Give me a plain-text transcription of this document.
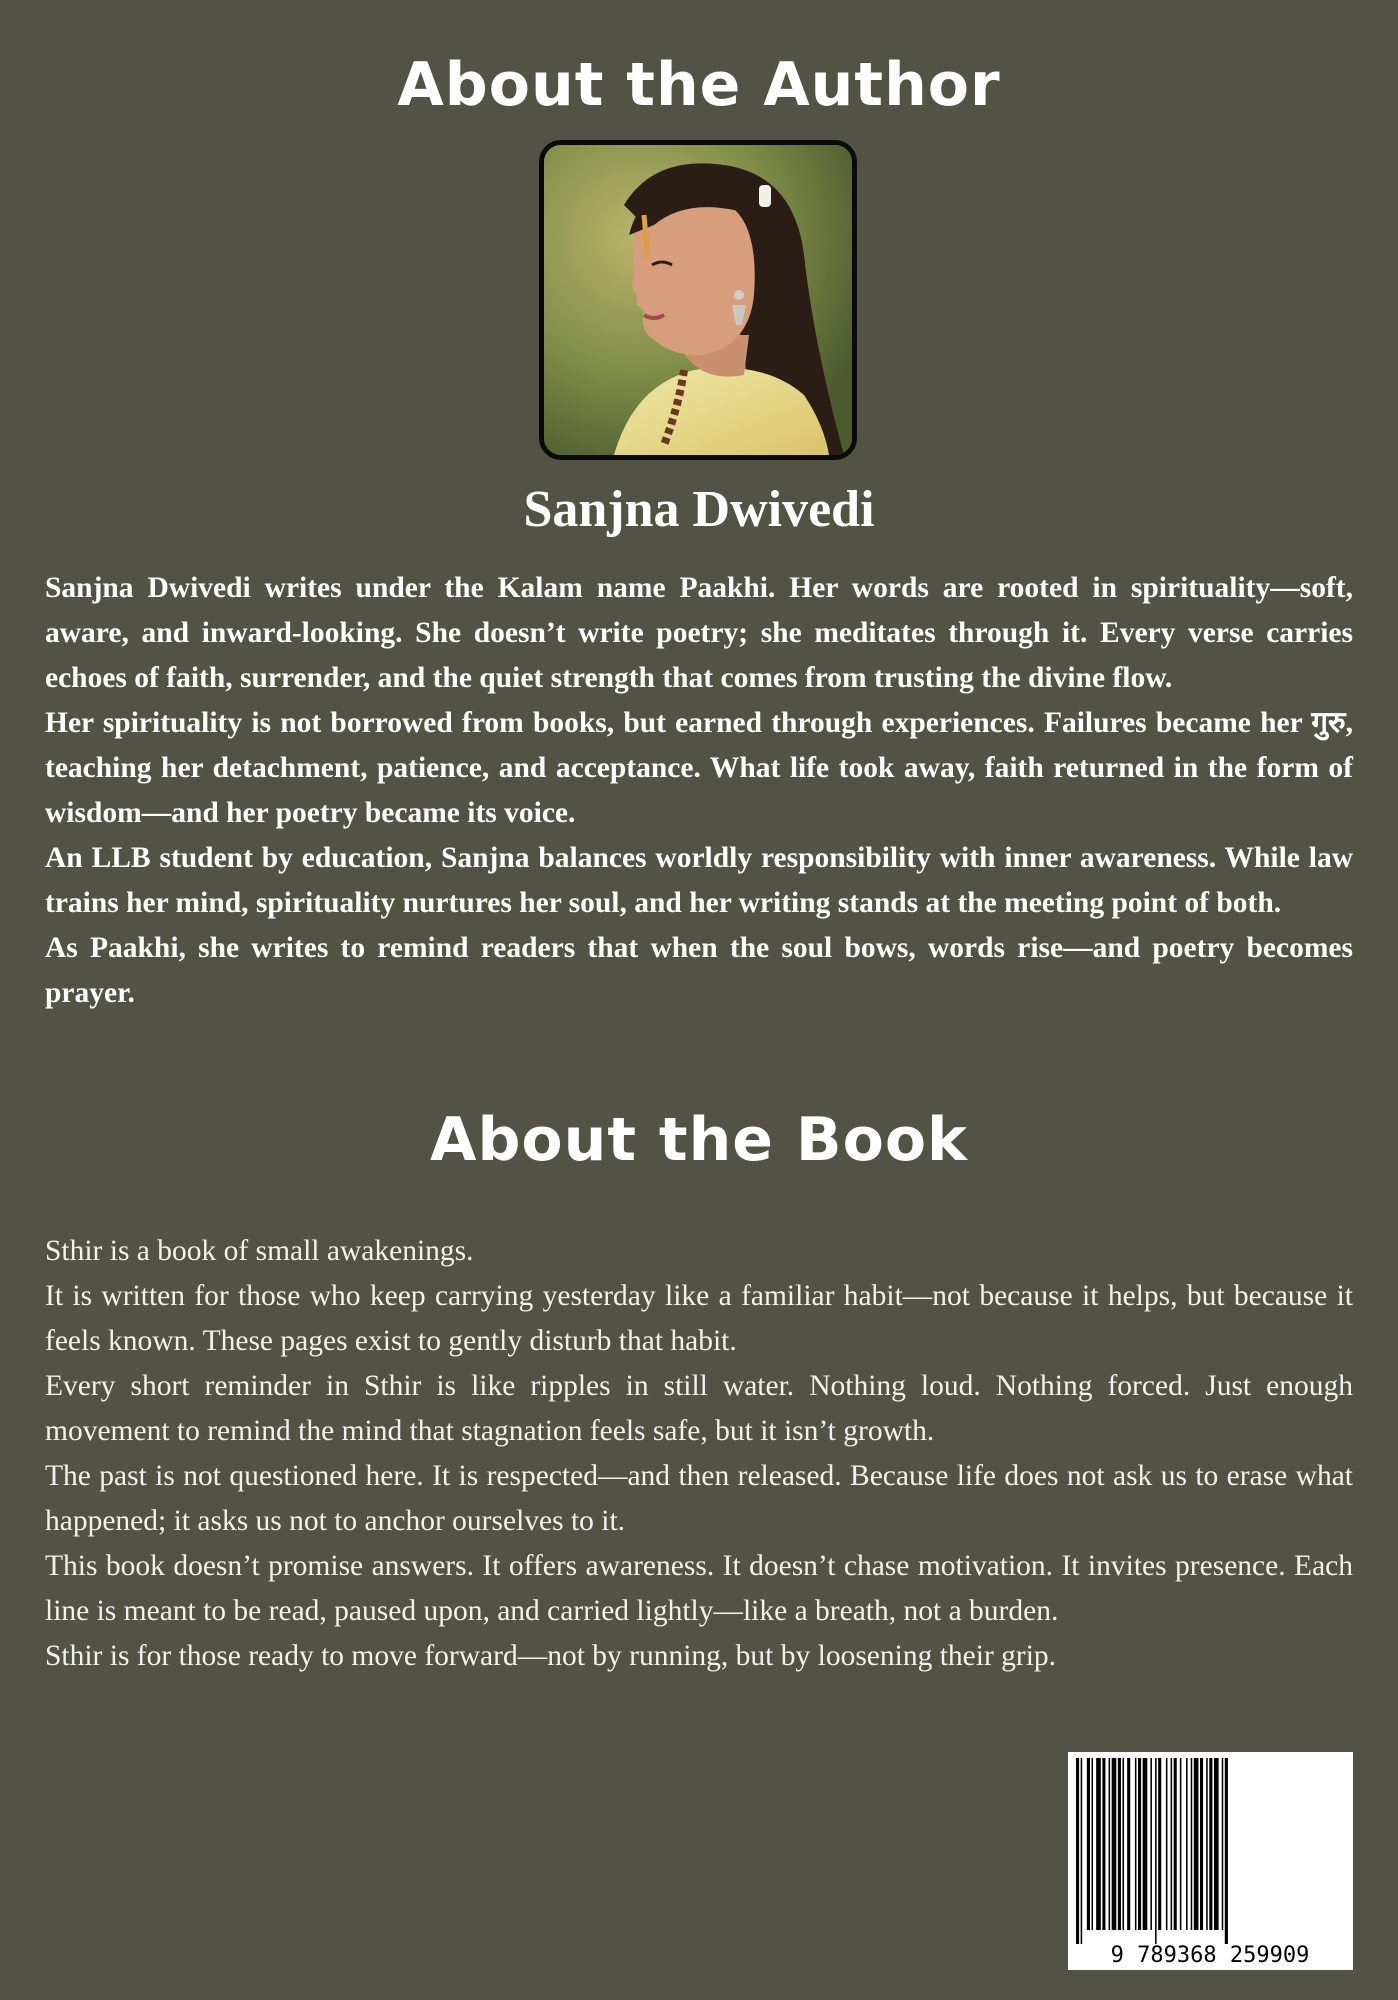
About the Author
Sanjna Dwivedi

Sanjna Dwivedi writes under the Kalam name Paakhi. Her words are rooted in spirituality—soft, aware, and inward-looking. She doesn’t write poetry; she meditates through it. Every verse carries echoes of faith, surrender, and the quiet strength that comes from trusting the divine flow.

Her spirituality is not borrowed from books, but earned through experiences. Failures became her गुरु, teaching her detachment, patience, and acceptance. What life took away, faith returned in the form of wisdom—and her poetry became its voice.

An LLB student by education, Sanjna balances worldly responsibility with inner awareness. While law trains her mind, spirituality nurtures her soul, and her writing stands at the meeting point of both.

As Paakhi, she writes to remind readers that when the soul bows, words rise—and poetry becomes prayer.

About the Book

Sthir is a book of small awakenings.

It is written for those who keep carrying yesterday like a familiar habit—not because it helps, but because it feels known. These pages exist to gently disturb that habit.

Every short reminder in Sthir is like ripples in still water. Nothing loud. Nothing forced. Just enough movement to remind the mind that stagnation feels safe, but it isn’t growth.

The past is not questioned here. It is respected—and then released. Because life does not ask us to erase what happened; it asks us not to anchor ourselves to it.

This book doesn’t promise answers. It offers awareness. It doesn’t chase motivation. It invites presence. Each line is meant to be read, paused upon, and carried lightly—like a breath, not a burden.

Sthir is for those ready to move forward—not by running, but by loosening their grip.

9 789368 259909
